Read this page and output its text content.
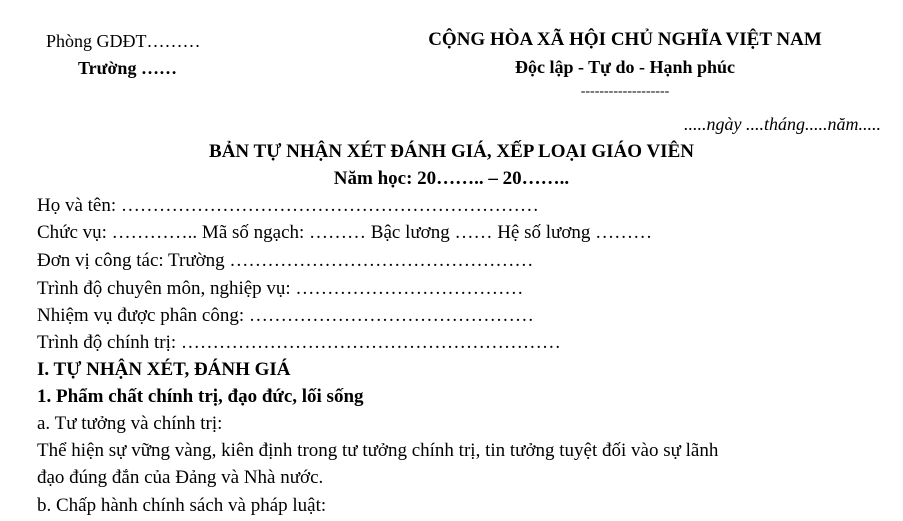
Phòng GDĐT………
Trường ……
CỘNG HÒA XÃ HỘI CHỦ NGHĨA VIỆT NAM
Độc lập - Tự do - Hạnh phúc
-------------------
.....ngày ....tháng.....năm.....
BẢN TỰ NHẬN XÉT ĐÁNH GIÁ, XẾP LOẠI GIÁO VIÊN
Năm học: 20…….. – 20……..
Họ và tên: …………………………………………………………
Chức vụ: ………….. Mã số ngạch: ……… Bậc lương …… Hệ số lương ………
Đơn vị công tác: Trường …………………………………………
Trình độ chuyên môn, nghiệp vụ: ………………………………
Nhiệm vụ được phân công: ………………………………………
Trình độ chính trị: ……………………………………………………
I. TỰ NHẬN XÉT, ĐÁNH GIÁ
1. Phẩm chất chính trị, đạo đức, lối sống
a. Tư tưởng và chính trị:
Thể hiện sự vững vàng, kiên định trong tư tưởng chính trị, tin tưởng tuyệt đối vào sự lãnh
đạo đúng đắn của Đảng và Nhà nước.
b. Chấp hành chính sách và pháp luật:
